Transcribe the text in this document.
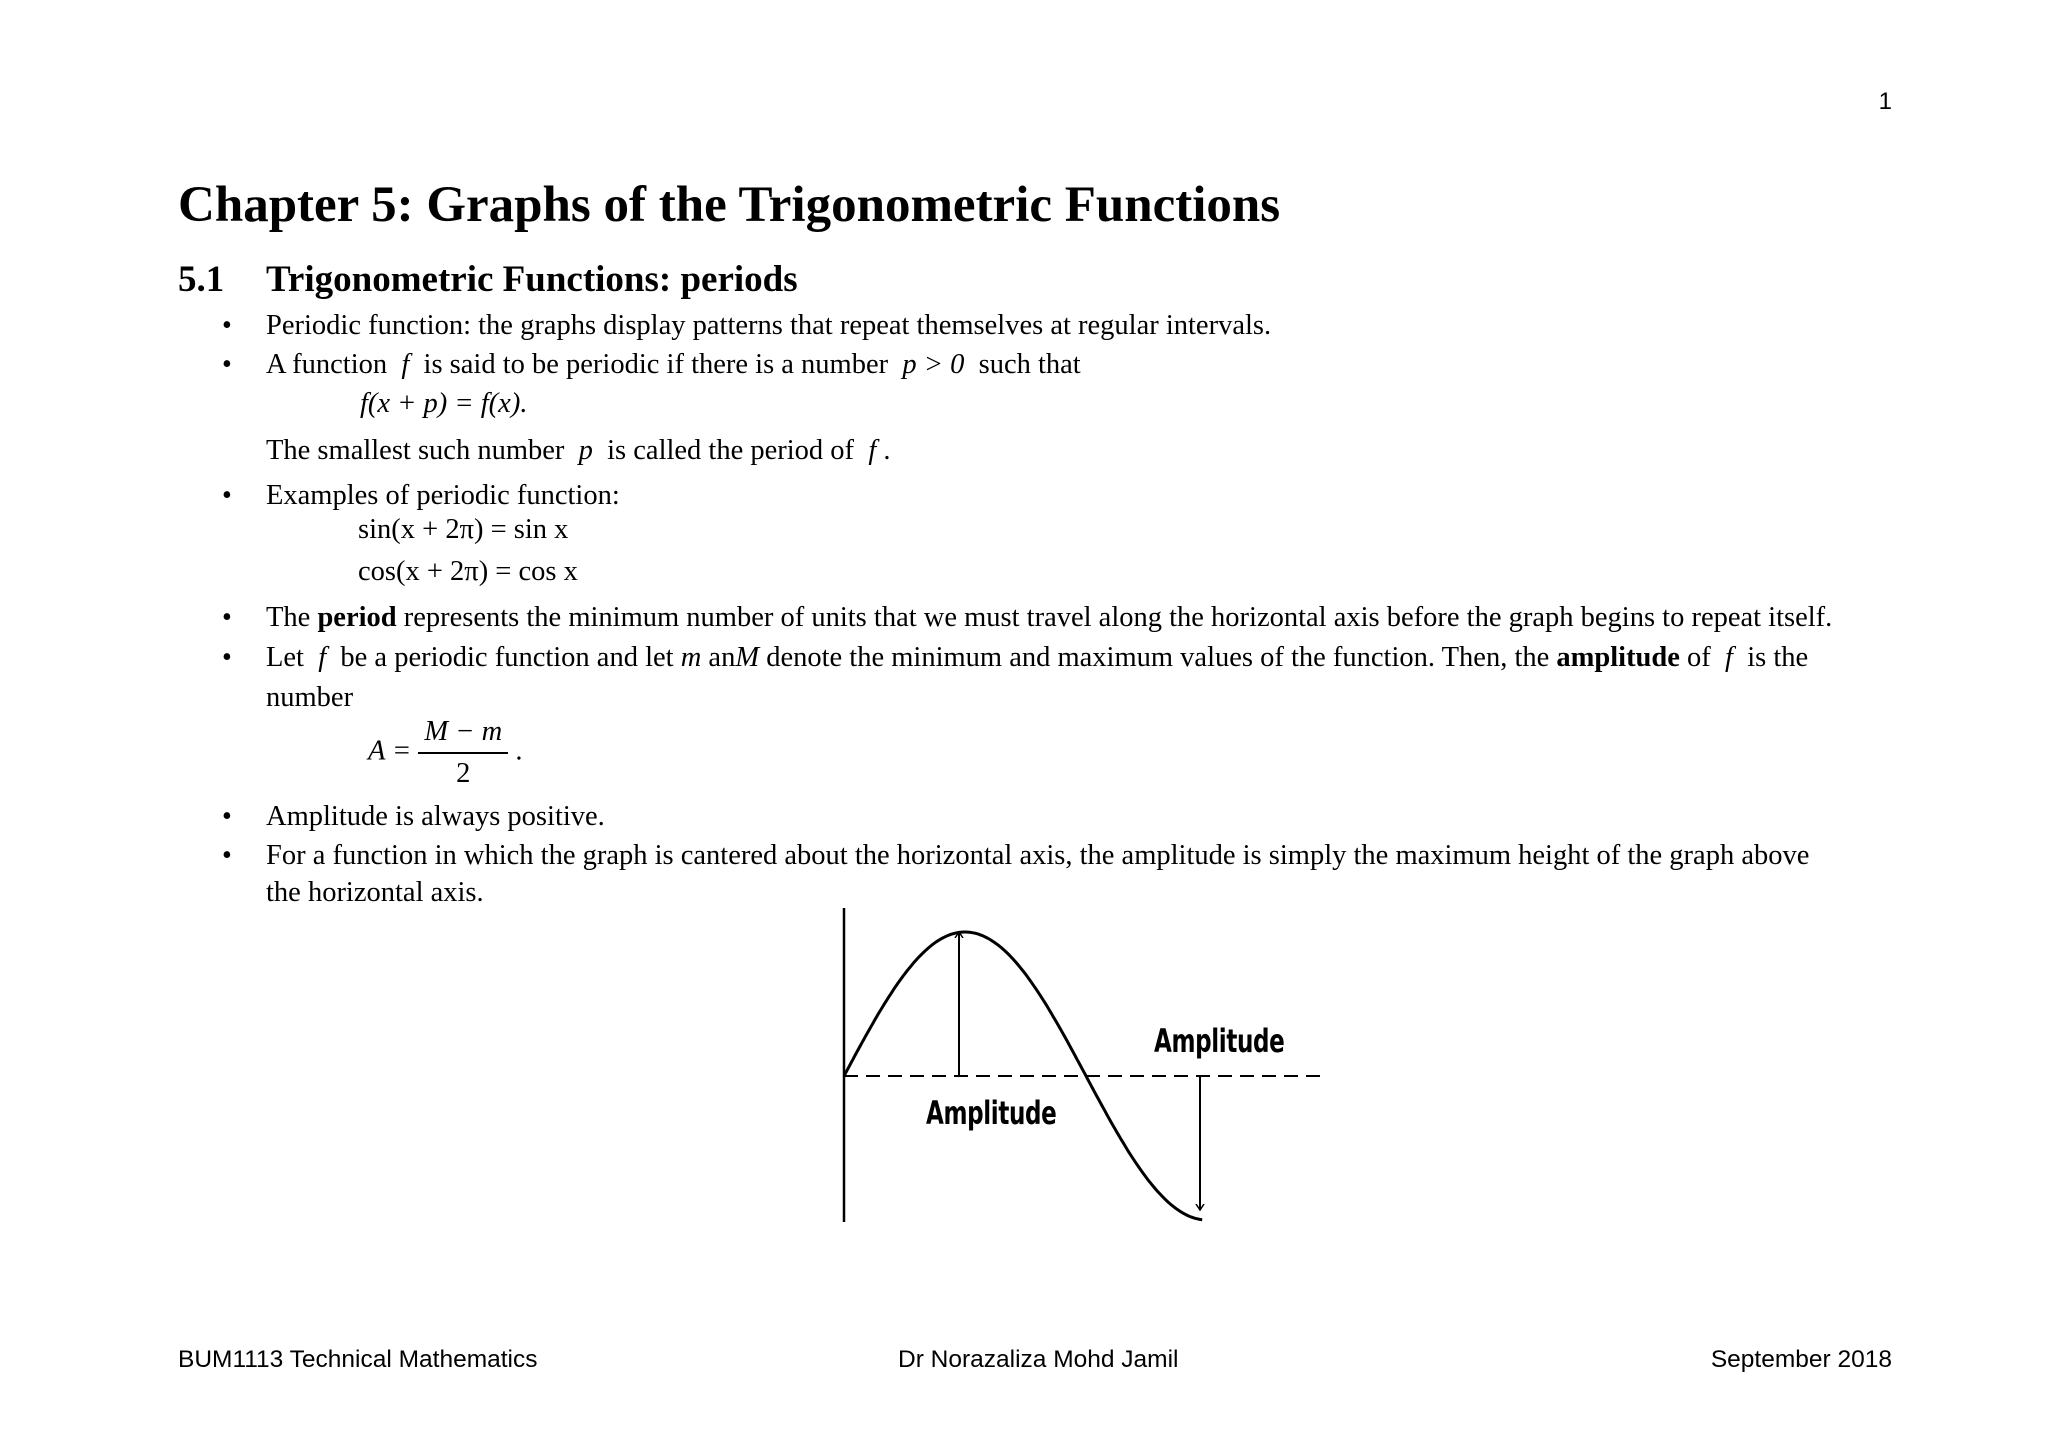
1
Chapter 5: Graphs of the Trigonometric Functions
5.1 Trigonometric Functions: periods
• Periodic function: the graphs display patterns that repeat themselves at regular intervals.
• A function f is said to be periodic if there is a number p > 0 such that
f(x + p) = f(x).
The smallest such number p is called the period of f .
• Examples of periodic function:
sin(x + 2π) = sin x
cos(x + 2π) = cos x
• The period represents the minimum number of units that we must travel along the horizontal axis before the graph begins to repeat itself.
• Let f be a periodic function and let m anM denote the minimum and maximum values of the function. Then, the amplitude of f is the
number
$A = \frac{M - m}{2}$ .
• Amplitude is always positive.
• For a function in which the graph is cantered about the horizontal axis, the amplitude is simply the maximum height of the graph above
the horizontal axis.
Amplitude
Amplitude
BUM1113 Technical Mathematics	Dr Norazaliza Mohd Jamil	September 2018
